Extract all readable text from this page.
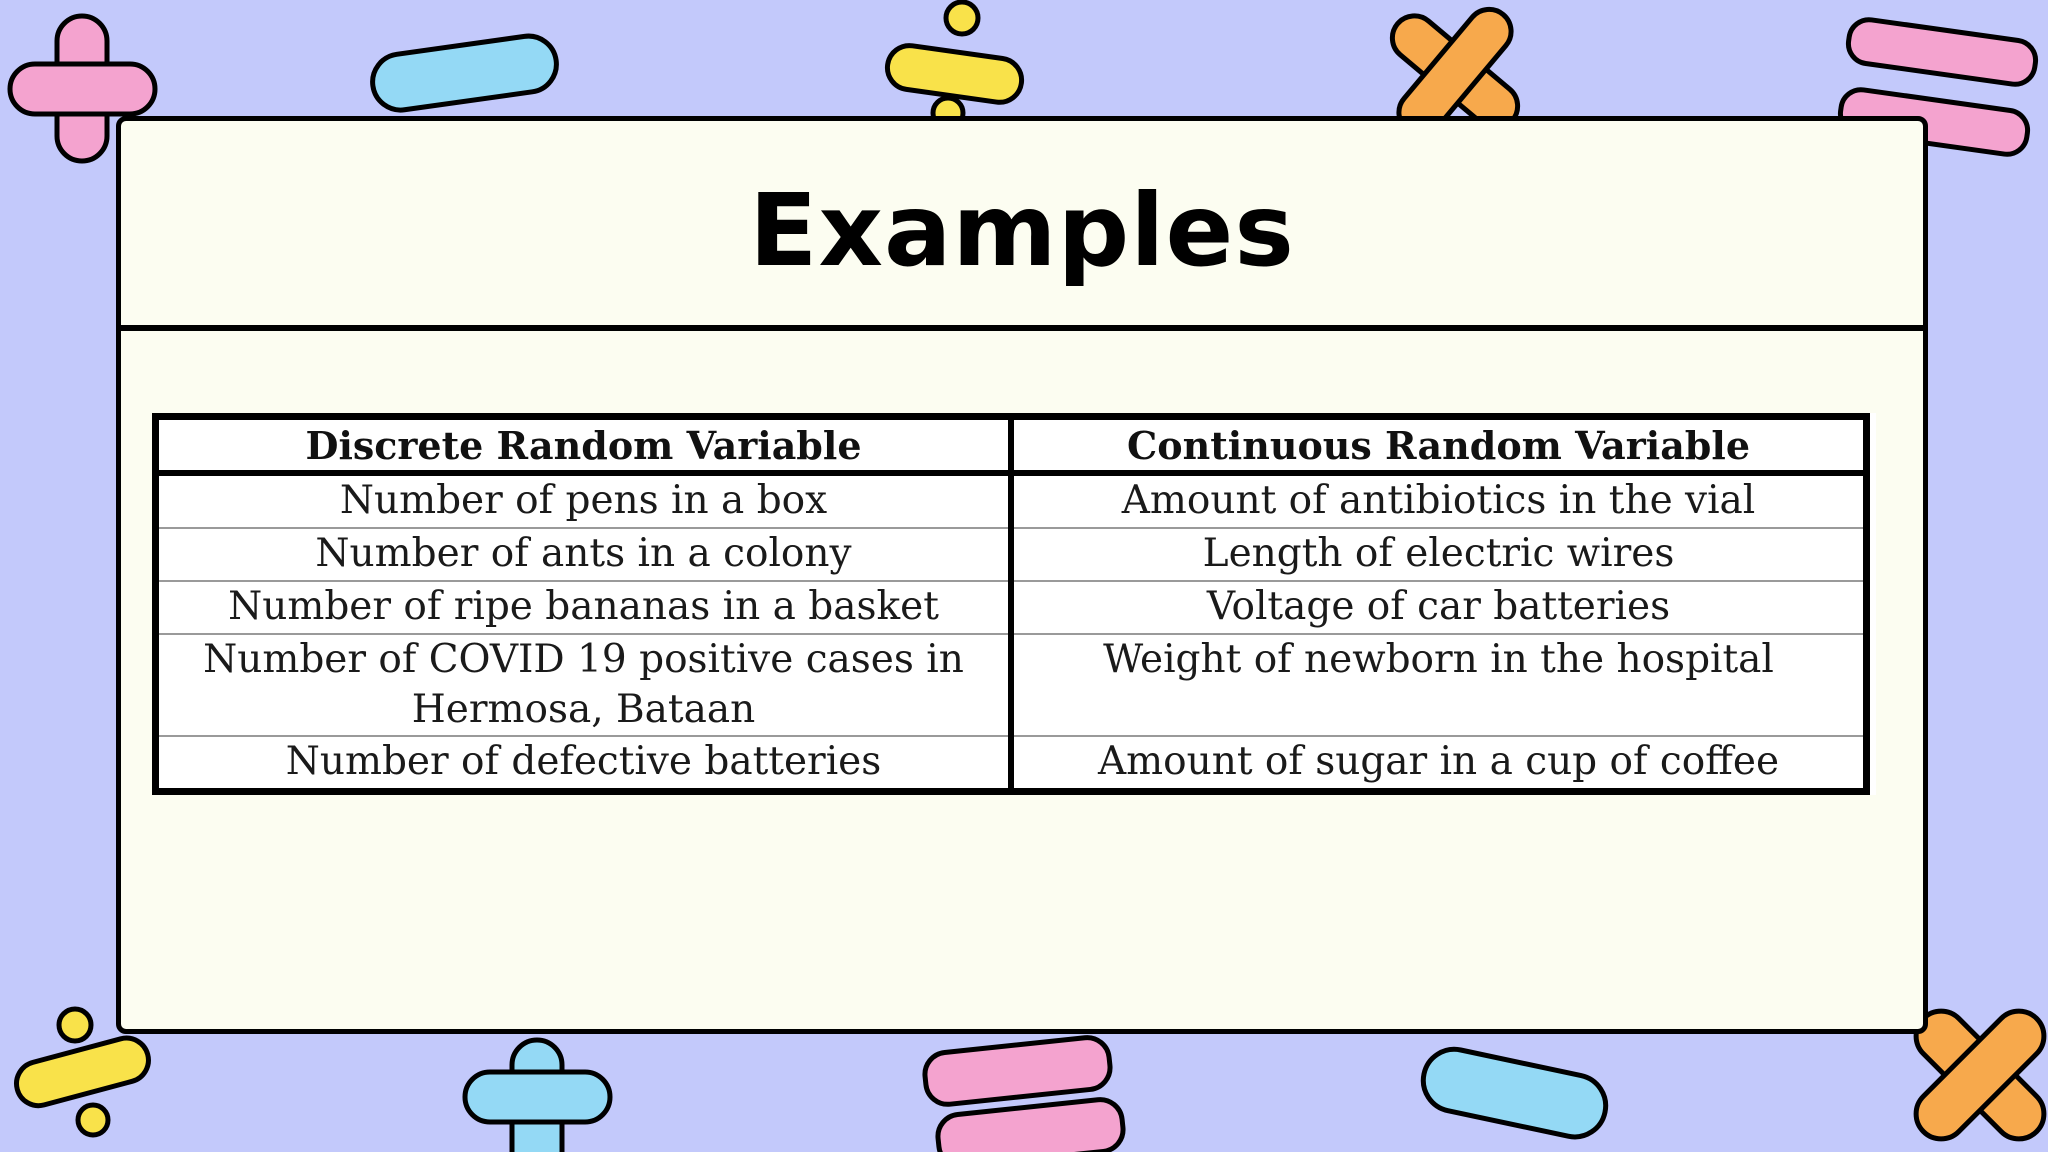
Examples
Discrete Random Variable	Continuous Random Variable
Number of pens in a box	Amount of antibiotics in the vial
Number of ants in a colony	Length of electric wires
Number of ripe bananas in a basket	Voltage of car batteries
Number of COVID 19 positive cases in Hermosa, Bataan	Weight of newborn in the hospital
Number of defective batteries	Amount of sugar in a cup of coffee
